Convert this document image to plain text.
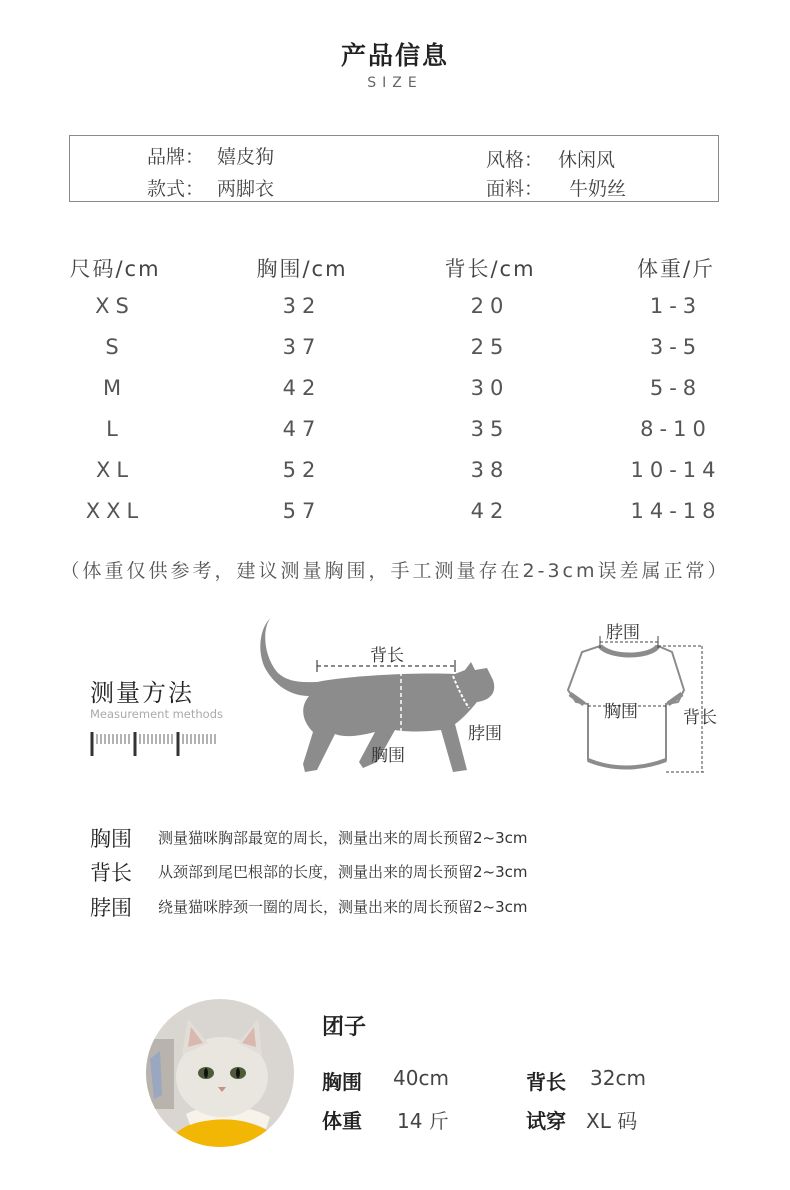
产品信息
SIZE
品牌： 嬉皮狗	风格： 休闲风
款式： 两脚衣	面料： 牛奶丝
尺码/cm	胸围/cm	背长/cm	体重/斤
XS	32	20	1-3
S	37	25	3-5
M	42	30	5-8
L	47	35	8-10
XL	52	38	10-14
XXL	57	42	14-18
（体重仅供参考，建议测量胸围，手工测量存在2-3cm误差属正常）
测量方法
Measurement methods
背长
胸围
脖围
脖围
胸围	背长
胸围 测量猫咪胸部最宽的周长，测量出来的周长预留2~3cm
背长 从颈部到尾巴根部的长度，测量出来的周长预留2~3cm
脖围 绕量猫咪脖颈一圈的周长，测量出来的周长预留2~3cm
团子
胸围 40cm	背长 32cm
体重 14 斤	试穿 XL 码
